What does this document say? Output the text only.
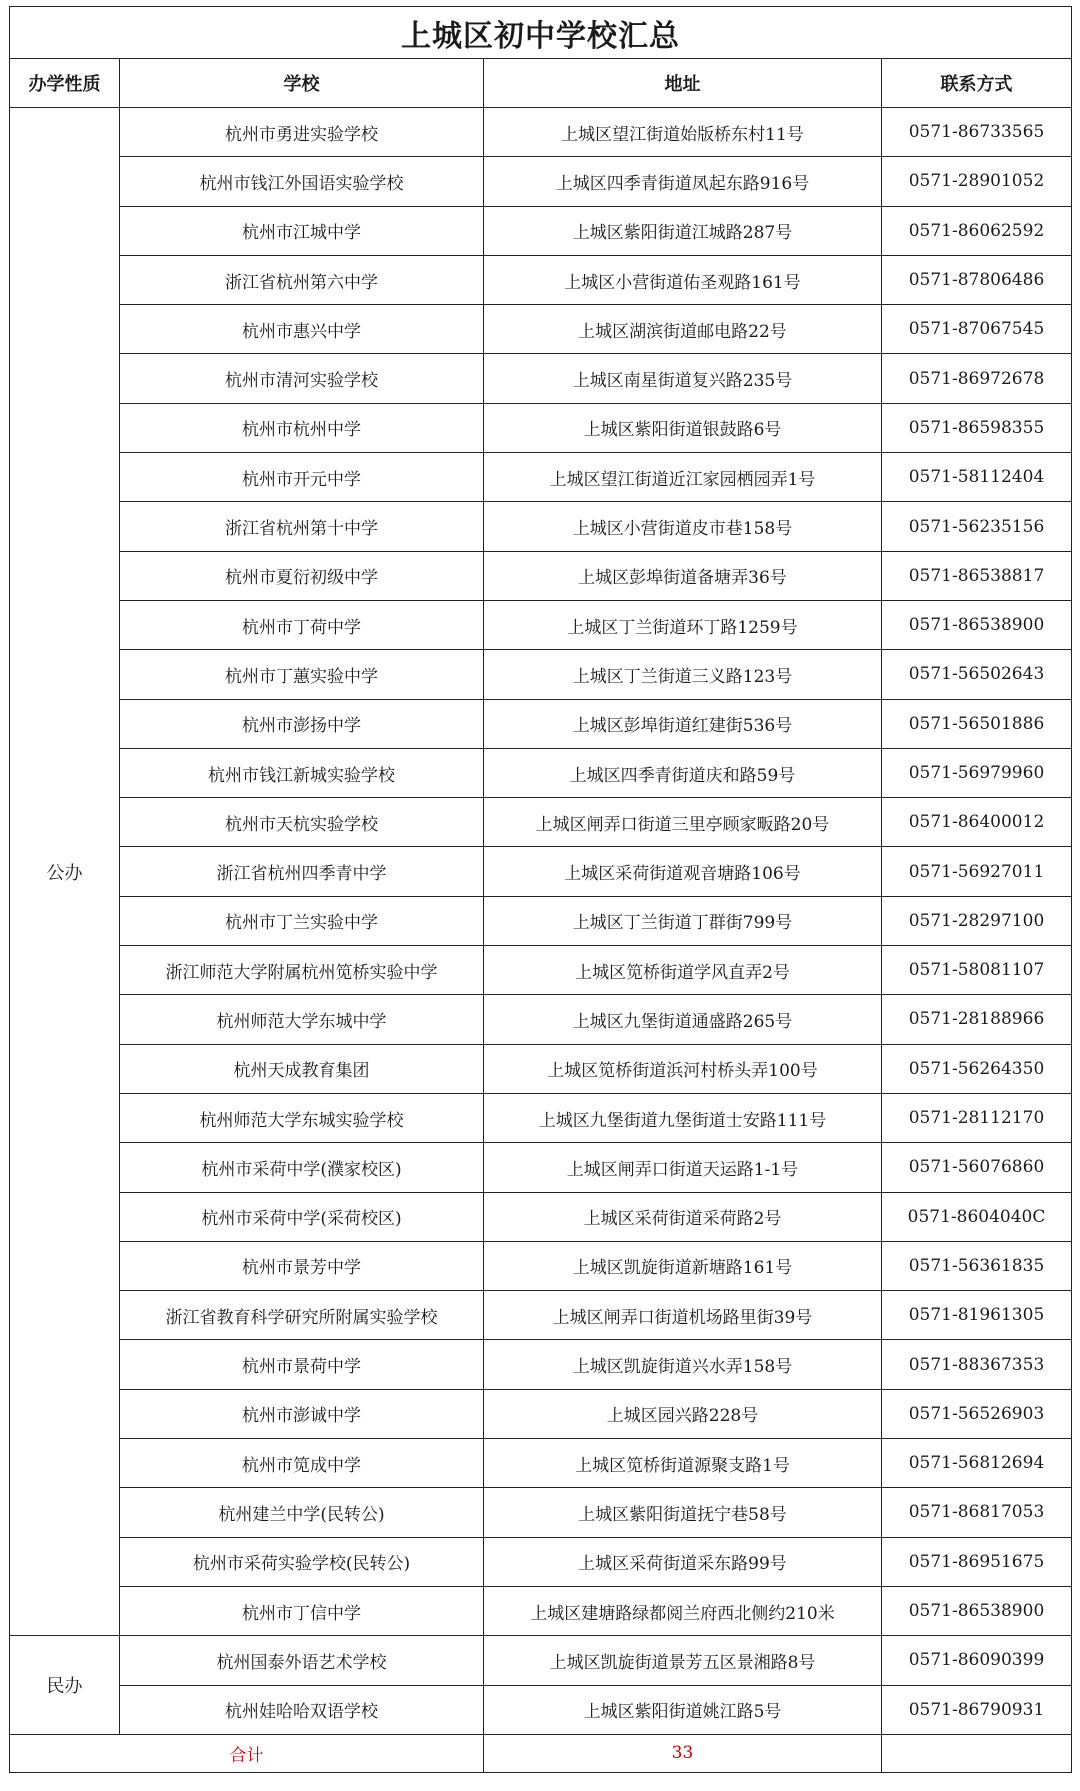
上城区初中学校汇总			
办学性质	学校	地址	联系方式
公办	杭州市勇进实验学校	上城区望江街道始版桥东村11号	0571-86733565
	杭州市钱江外国语实验学校	上城区四季青街道凤起东路916号	0571-28901052
	杭州市江城中学	上城区紫阳街道江城路287号	0571-86062592
	浙江省杭州第六中学	上城区小营街道佑圣观路161号	0571-87806486
	杭州市惠兴中学	上城区湖滨街道邮电路22号	0571-87067545
	杭州市清河实验学校	上城区南星街道复兴路235号	0571-86972678
	杭州市杭州中学	上城区紫阳街道银鼓路6号	0571-86598355
	杭州市开元中学	上城区望江街道近江家园栖园弄1号	0571-58112404
	浙江省杭州第十中学	上城区小营街道皮市巷158号	0571-56235156
	杭州市夏衍初级中学	上城区彭埠街道备塘弄36号	0571-86538817
	杭州市丁荷中学	上城区丁兰街道环丁路1259号	0571-86538900
	杭州市丁蕙实验中学	上城区丁兰街道三义路123号	0571-56502643
	杭州市澎扬中学	上城区彭埠街道红建街536号	0571-56501886
	杭州市钱江新城实验学校	上城区四季青街道庆和路59号	0571-56979960
	杭州市天杭实验学校	上城区闸弄口街道三里亭顾家畈路20号	0571-86400012
	浙江省杭州四季青中学	上城区采荷街道观音塘路106号	0571-56927011
	杭州市丁兰实验中学	上城区丁兰街道丁群街799号	0571-28297100
	浙江师范大学附属杭州笕桥实验中学	上城区笕桥街道学风直弄2号	0571-58081107
	杭州师范大学东城中学	上城区九堡街道通盛路265号	0571-28188966
	杭州天成教育集团	上城区笕桥街道浜河村桥头弄100号	0571-56264350
	杭州师范大学东城实验学校	上城区九堡街道九堡街道士安路111号	0571-28112170
	杭州市采荷中学(濮家校区)	上城区闸弄口街道天运路1-1号	0571-56076860
	杭州市采荷中学(采荷校区)	上城区采荷街道采荷路2号	0571-8604040C
	杭州市景芳中学	上城区凯旋街道新塘路161号	0571-56361835
	浙江省教育科学研究所附属实验学校	上城区闸弄口街道机场路里街39号	0571-81961305
	杭州市景荷中学	上城区凯旋街道兴水弄158号	0571-88367353
	杭州市澎诚中学	上城区园兴路228号	0571-56526903
	杭州市笕成中学	上城区笕桥街道源聚支路1号	0571-56812694
	杭州建兰中学(民转公)	上城区紫阳街道抚宁巷58号	0571-86817053
	杭州市采荷实验学校(民转公)	上城区采荷街道采东路99号	0571-86951675
	杭州市丁信中学	上城区建塘路绿都阅兰府西北侧约210米	0571-86538900
民办	杭州国泰外语艺术学校	上城区凯旋街道景芳五区景湘路8号	0571-86090399
	杭州娃哈哈双语学校	上城区紫阳街道姚江路5号	0571-86790931
合计		33	
